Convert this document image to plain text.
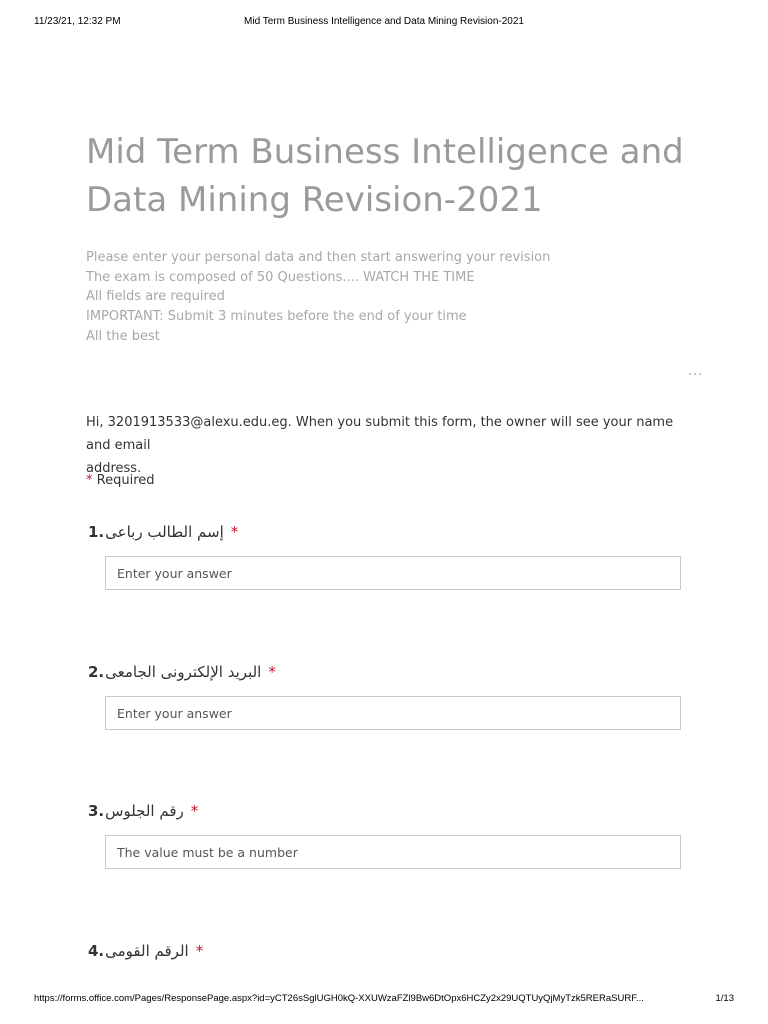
11/23/21, 12:32 PM	Mid Term Business Intelligence and Data Mining Revision-2021
Mid Term Business Intelligence and
Data Mining Revision-2021
Please enter your personal data and then start answering your revision
The exam is composed of 50 Questions.... WATCH THE TIME
All fields are required
IMPORTANT: Submit 3 minutes before the end of your time
All the best
...
Hi, 3201913533@alexu.edu.eg. When you submit this form, the owner will see your name and email
address.
* Required
1. إسم الطالب رباعى *
Enter your answer
2. البريد الإلكترونى الجامعى *
Enter your answer
3. رقم الجلوس *
The value must be a number
4. الرقم القومى *
https://forms.office.com/Pages/ResponsePage.aspx?id=yCT26sSglUGH0kQ-XXUWzaFZl9Bw6DtOpx6HCZy2x29UQTUyQjMyTzk5RERaSURF...	1/13
